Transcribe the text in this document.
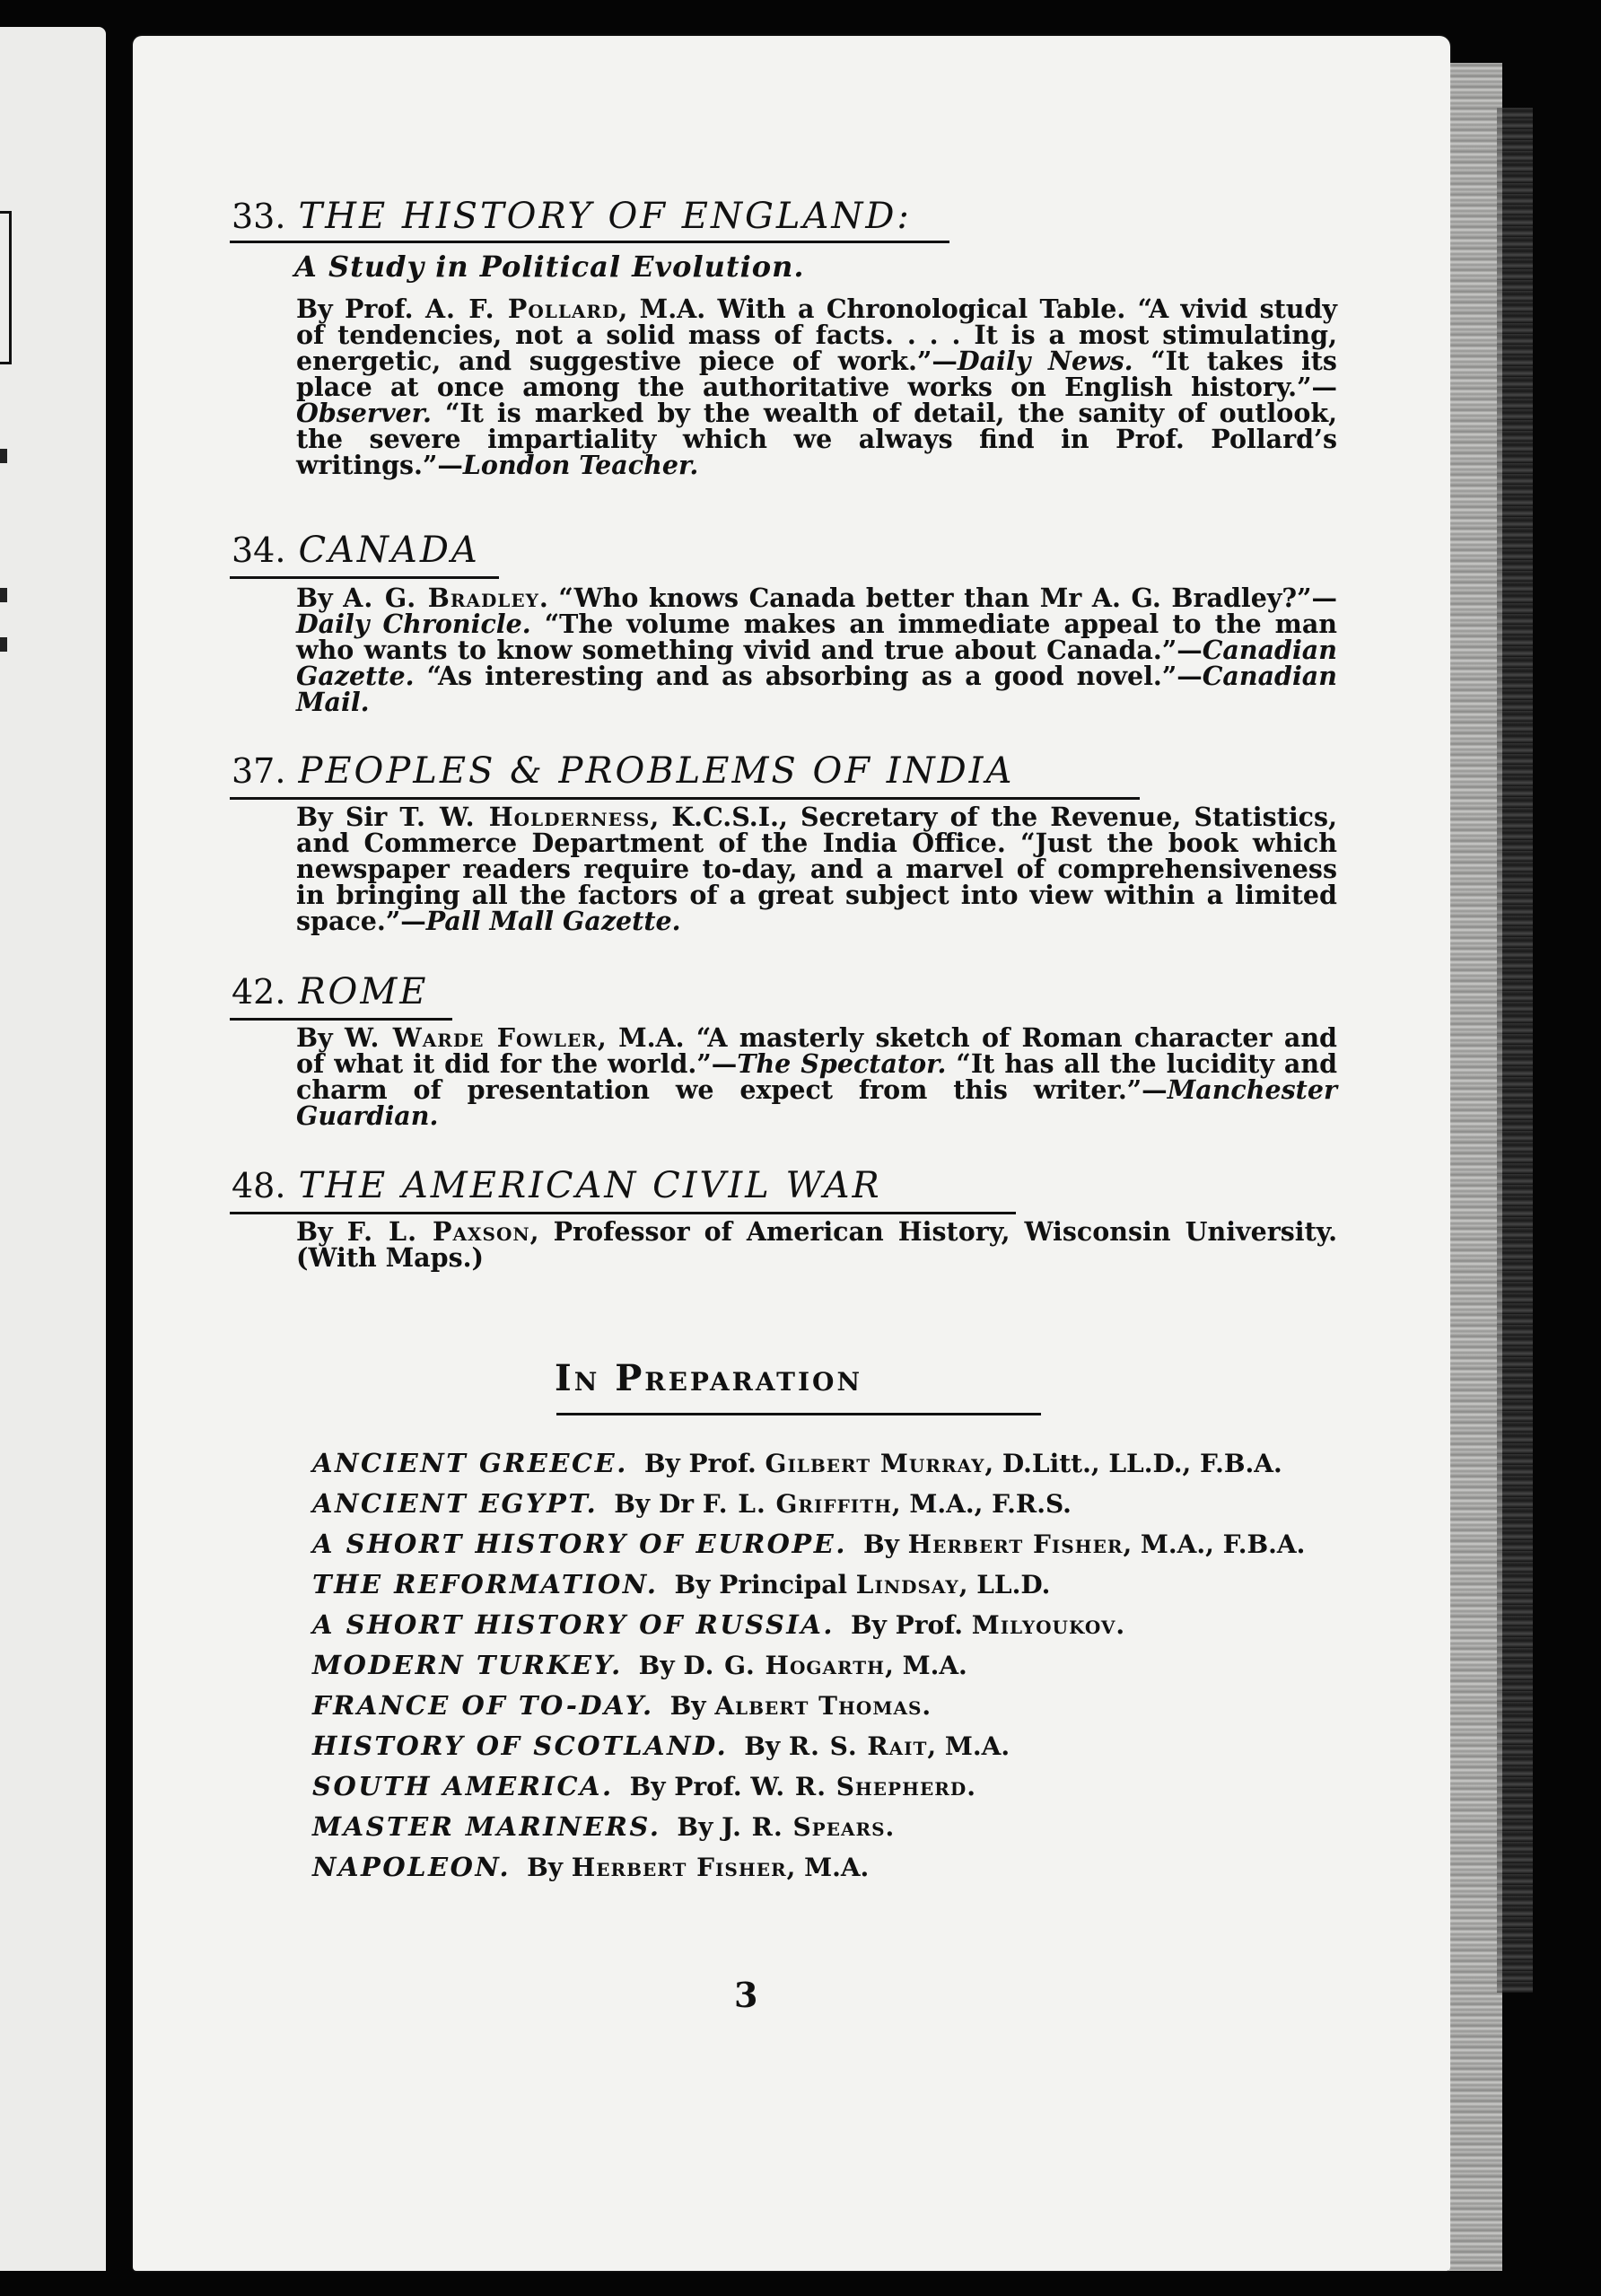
33. THE HISTORY OF ENGLAND:
A Study in Political Evolution.
By Prof. A. F. Pollard, M.A. With a Chronological Table. “A vivid study of tendencies, not a solid mass of facts. . . . It is a most stimulating, energetic, and suggestive piece of work.”—Daily News. “It takes its place at once among the authoritative works on English history.”—Observer. “It is marked by the wealth of detail, the sanity of outlook, the severe impartiality which we always find in Prof. Pollard’s writings.”—London Teacher.
34. CANADA
By A. G. Bradley. “Who knows Canada better than Mr A. G. Bradley?”—Daily Chronicle. “The volume makes an immediate appeal to the man who wants to know something vivid and true about Canada.”—Canadian Gazette. “As interesting and as absorbing as a good novel.”—Canadian Mail.
37. PEOPLES & PROBLEMS OF INDIA
By Sir T. W. Holderness, K.C.S.I., Secretary of the Revenue, Statistics, and Commerce Department of the India Office. “Just the book which newspaper readers require to-day, and a marvel of comprehensiveness in bringing all the factors of a great subject into view within a limited space.”—Pall Mall Gazette.
42. ROME
By W. Warde Fowler, M.A. “A masterly sketch of Roman character and of what it did for the world.”—The Spectator. “It has all the lucidity and charm of presentation we expect from this writer.”—Manchester Guardian.
48. THE AMERICAN CIVIL WAR
By F. L. Paxson, Professor of American History, Wisconsin University. (With Maps.)
In Preparation
ANCIENT GREECE. By Prof. Gilbert Murray, D.Litt., LL.D., F.B.A.
ANCIENT EGYPT. By Dr F. L. Griffith, M.A., F.R.S.
A SHORT HISTORY OF EUROPE. By Herbert Fisher, M.A., F.B.A.
THE REFORMATION. By Principal Lindsay, LL.D.
A SHORT HISTORY OF RUSSIA. By Prof. Milyoukov.
MODERN TURKEY. By D. G. Hogarth, M.A.
FRANCE OF TO-DAY. By Albert Thomas.
HISTORY OF SCOTLAND. By R. S. Rait, M.A.
SOUTH AMERICA. By Prof. W. R. Shepherd.
MASTER MARINERS. By J. R. Spears.
NAPOLEON. By Herbert Fisher, M.A.
3
